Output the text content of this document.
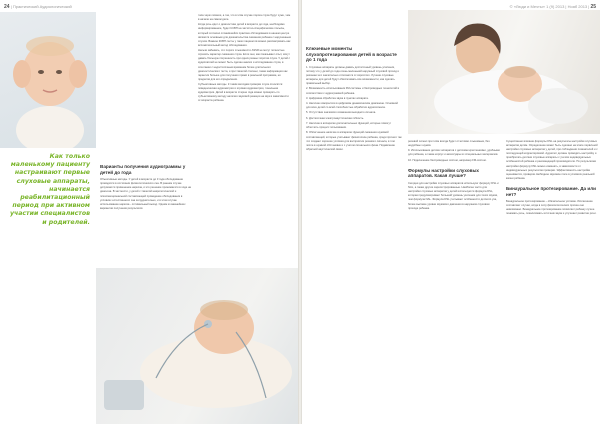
24 | Практический Аудиологический
Как только маленькому пациенту настраивают первые слуховые аппараты, начинается реабилитационный период при активном участии специалистов и родителей.
Варианты получения аудиограммы у детей до года

Объективные методы. У детей в возрасте до 3 года обследование проводится в состоянии физиологического сна. В раннем случае допускается применение наркоза, и это решение принимается в ходе на диагноза. В частности, у детей с тяжелой неврологической и психоэмоциональной составляющей проведение обследования в условиях естественного сна затруднительно, и в этом случае использование наркоза - оптимальный выход. Одним из важнейших вариантов получения результатов

тапа через помехи, а так, что в этом случае порога слуха будут хуже, чем в начале на самом деле.

Когда речь идет о диагностике детей в возрасте до года, необходимо информированное, будет КСВП на частотно-специфические посылы, который согласно сложившейся практике обследования в нашем центре является основным для доказательства снижения ребенка с нарушенным слухом. Важное КСВП-тесты у таких пациентов можно рассматривать как вспомогательный метод обследования.

Нельзя забывать, что пороги слышимости ASSR не могут полностью отразить характер снижения слуха. Если они, как показывает опыт, могут давать большую погрешность при одних разных порогов слуха. У детей с аудиопатией не может быть сделан анализ и исследование слуха, в сочетании с недостаточным временем более длительного диагностического теста, и при тяжелой степени, такая информация как гарантия больше для получения прямо в реальной программе, но пределов для его определения.

Субъективные методы. К таким методам проверки слуха относятся: поведенческая аудиометрия и игровая аудиометрия, тональная аудиометрия. Детей в возрасте старше года можно проверять по субъективному методу наличия звуковой реакции на звук в зависимости от возраста ребенка.

© «Люди и Мечты» 1 (9) 2013 | Нояб 2013 | 25
Ключевые моменты слухопротезирования детей в возрасте до 1 года

1. Слуховые аппараты должны давать достаточный уровень усиления, потому что у детей до года очень маленький наружный слуховой проход и резонанс его значительно отличается от взрослого. Лучшие слуховые аппараты для детей будут обеспечивать все возможности, как сделать правильный выбор.

2. Возможность использования FM-системы и беспроводных технологий в соответствии с аудиограммой ребенка.

3. Цифровая обработка звука в пунктах аппарата.

4. Наличие компрессии в цифровом динамическом диапазоне. Основной для всех детей со всей способностью обработки аудиосигнала.

5. Отсутствие значимого искажения выходного сигнала.

6. Достаточная электроакустическая гибкость.

7. Наличие в аппаратах дополнительных функций, которые помогут облегчить процесс пользования.

8. Облегченное наличие в аппаратах функций снижения шумовой составляющей, которые учитывают физиологию ребенка, среди прочего так что создают хорошие условия для восприятия речевого сигнала, в том числе в шумной обстановке и с учетом сигнального фона. Подавление обратной акустической связи.

речевой сигнал при этом всегда будет отчетливо слышимым, без неудобных шумов.

9. Использование детских аппаратов с детскими креплениями, удобными для ребенка, а также корпус и аксессуары из специальных материалов.

10. Подключение беспроводных систем, например FM-систем.

Формулы настройки слуховых аппаратов. Какая лучше?

Сегодня для настройки слуховых аппаратов используют формулу DSL и NAL, а также другие зарегистрированные. Наиболее часто для настройки слуховых аппаратов у детей используется формула DSL, которая предусматривает больший уровень усиления для тихих звуков, чем формула NAL. Формула DSL учитывает особенности детского уха, более высокие уровни звукового давления в наружном слуховом проходе ребенка.

Существенно влияние формулы DSL на результаты настройки слуховых аппаратов детям. Определение может быть сделано на этапе первичной настройки слуховых аппаратов у детей, при соблюдении показателей и с последующей корректировкой. Аудиолог должен проводить настройку и приобретать детские слуховые аппараты с учетом индивидуальных особенностей ребенка и рекомендаций производителя. По результатам настройки формулу DSL можно изменять, в зависимости от индивидуальных результатов проверки. Эффективность настройки оценивается, проверяя свободное звуковое поле в условиях реальной жизни ребенка.

Бинауральное протезирование. Да или нет?

Бинауральное протезирование – обязательное условие. Исключение составляют случаи, когда в силу физиологических причин оно невозможно. Бинауральное протезирование позволяет ребенку лучше понимать речь, локализовать источник звука и улучшает развитие речи.
